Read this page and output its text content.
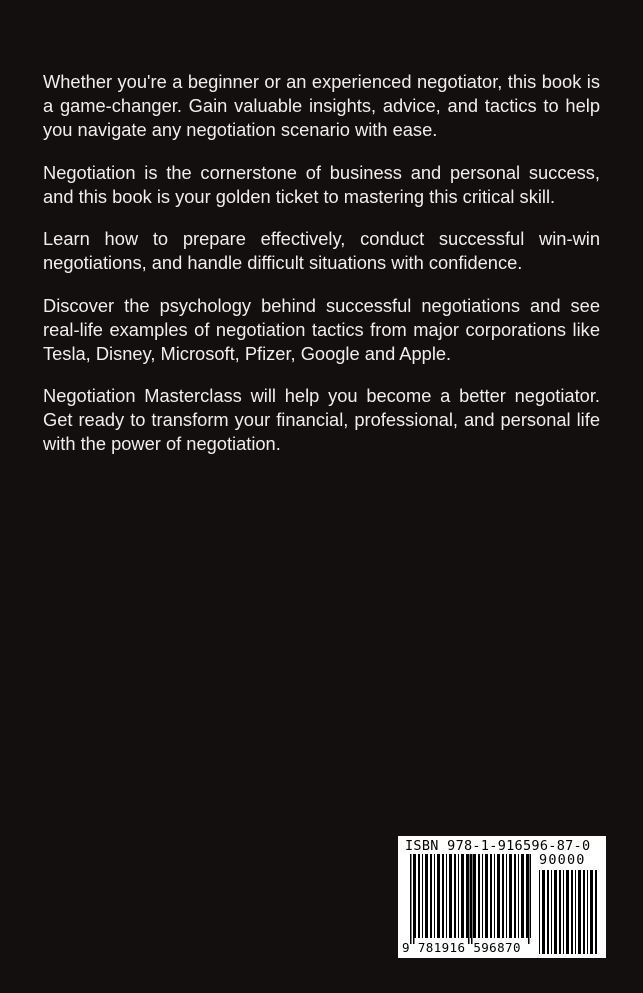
Whether you're a beginner or an experienced negotiator, this book is a game-changer. Gain valuable insights, advice, and tactics to help you navigate any negotiation scenario with ease.

Negotiation is the cornerstone of business and personal success, and this book is your golden ticket to mastering this critical skill.

Learn how to prepare effectively, conduct successful win-win negotiations, and handle difficult situations with confidence.

Discover the psychology behind successful negotiations and see real-life examples of negotiation tactics from major corporations like Tesla, Disney, Microsoft, Pfizer, Google and Apple.

Negotiation Masterclass will help you become a better negotiator. Get ready to transform your financial, professional, and personal life with the power of negotiation.

ISBN 978-1-916596-87-0
90000
9 781916 596870
